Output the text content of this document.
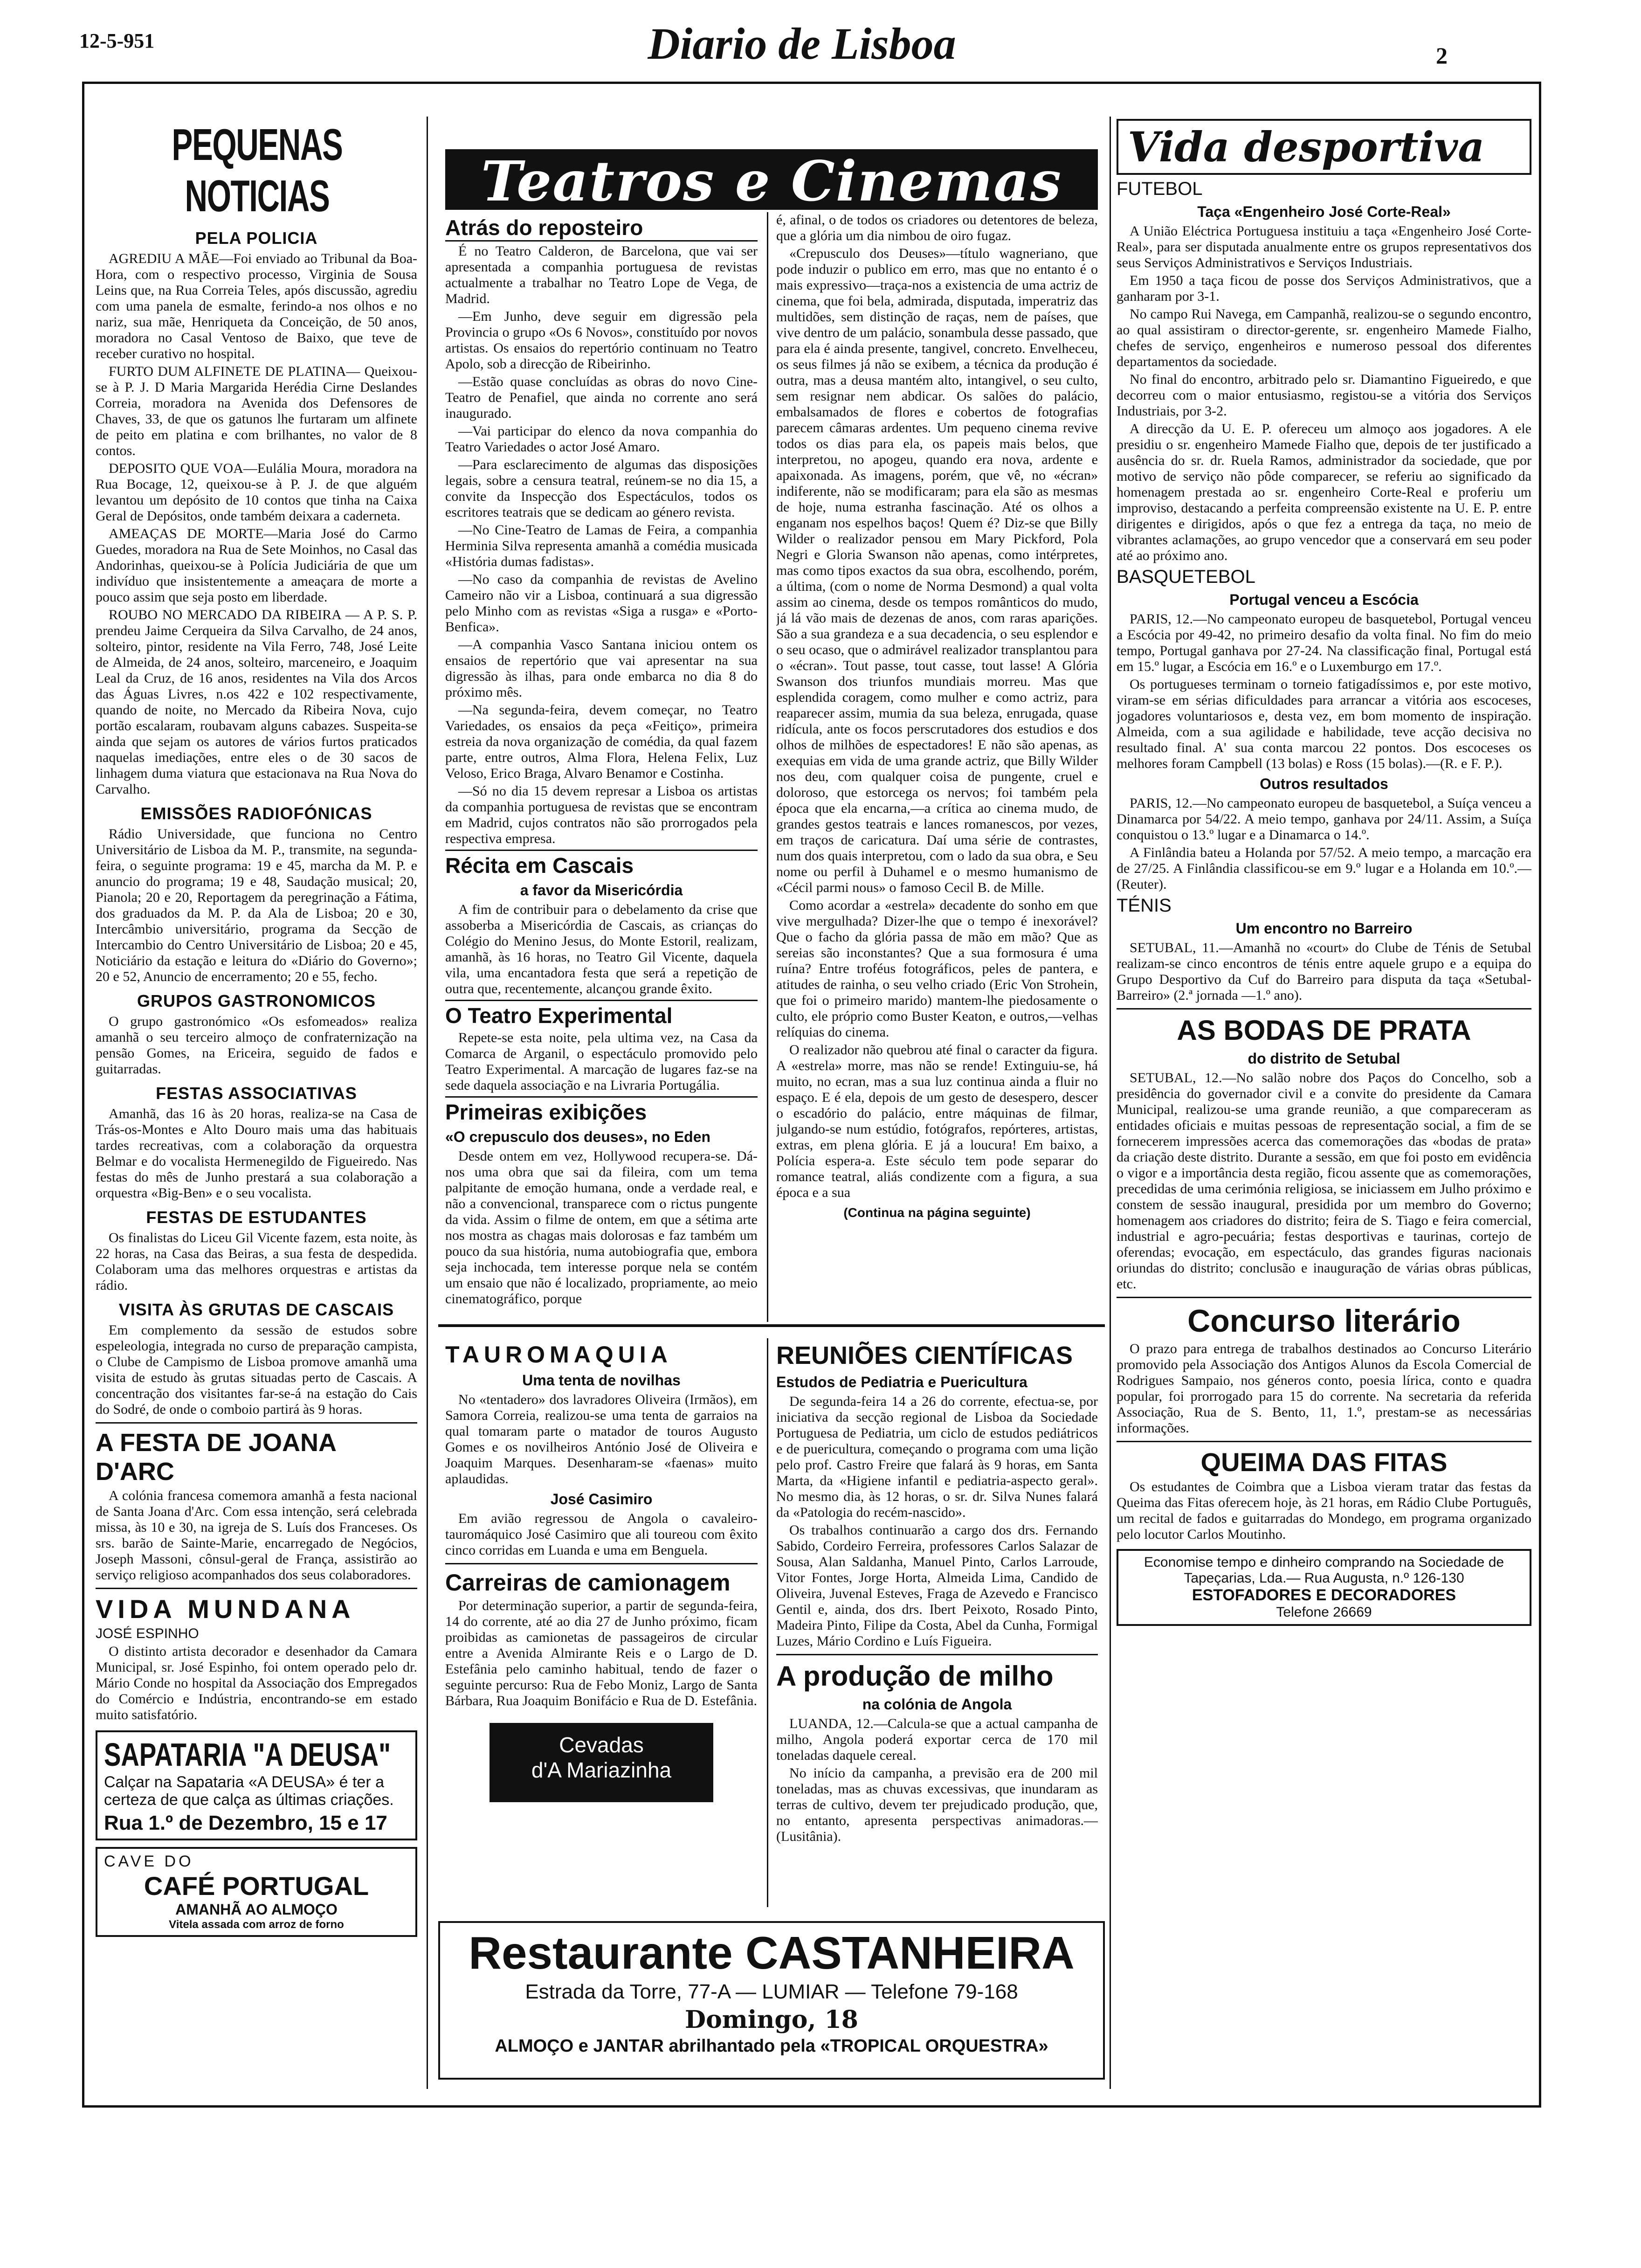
12-5-951	Diario de Lisboa	2
PEQUENAS NOTICIAS
PELA POLICIA

AGREDIU A MÃE—Foi enviado ao Tribunal da Boa-Hora, com o respectivo processo, Virginia de Sousa Leins que, na Rua Correia Teles, após discussão, agrediu com uma panela de esmalte, ferindo-a nos olhos e no nariz, sua mãe, Henriqueta da Conceição, de 50 anos, moradora no Casal Ventoso de Baixo, que teve de receber curativo no hospital.

FURTO DUM ALFINETE DE PLATINA— Queixou-se à P. J. D Maria Margarida Herédia Cirne Deslandes Correia, moradora na Avenida dos Defensores de Chaves, 33, de que os gatunos lhe furtaram um alfinete de peito em platina e com brilhantes, no valor de 8 contos.

DEPOSITO QUE VOA—Eulália Moura, moradora na Rua Bocage, 12, queixou-se à P. J. de que alguém levantou um depósito de 10 contos que tinha na Caixa Geral de Depósitos, onde também deixara a caderneta.

AMEAÇAS DE MORTE—Maria José do Carmo Guedes, moradora na Rua de Sete Moinhos, no Casal das Andorinhas, queixou-se à Polícia Judiciária de que um indivíduo que insistentemente a ameaçara de morte a pouco assim que seja posto em liberdade.

ROUBO NO MERCADO DA RIBEIRA — A P. S. P. prendeu Jaime Cerqueira da Silva Carvalho, de 24 anos, solteiro, pintor, residente na Vila Ferro, 748, José Leite de Almeida, de 24 anos, solteiro, marceneiro, e Joaquim Leal da Cruz, de 16 anos, residentes na Vila dos Arcos das Águas Livres, n.os 422 e 102 respectivamente, quando de noite, no Mercado da Ribeira Nova, cujo portão escalaram, roubavam alguns cabazes. Suspeita-se ainda que sejam os autores de vários furtos praticados naquelas imediações, entre eles o de 30 sacos de linhagem duma viatura que estacionava na Rua Nova do Carvalho.

EMISSÕES RADIOFÓNICAS

Rádio Universidade, que funciona no Centro Universitário de Lisboa da M. P., transmite, na segunda-feira, o seguinte programa: 19 e 45, marcha da M. P. e anuncio do programa; 19 e 48, Saudação musical; 20, Pianola; 20 e 20, Reportagem da peregrinação a Fátima, dos graduados da M. P. da Ala de Lisboa; 20 e 30, Intercâmbio universitário, programa da Secção de Intercambio do Centro Universitário de Lisboa; 20 e 45, Noticiário da estação e leitura do «Diário do Governo»; 20 e 52, Anuncio de encerramento; 20 e 55, fecho.

GRUPOS GASTRONOMICOS

O grupo gastronómico «Os esfomeados» realiza amanhã o seu terceiro almoço de confraternização na pensão Gomes, na Ericeira, seguido de fados e guitarradas.

FESTAS ASSOCIATIVAS

Amanhã, das 16 às 20 horas, realiza-se na Casa de Trás-os-Montes e Alto Douro mais uma das habituais tardes recreativas, com a colaboração da orquestra Belmar e do vocalista Hermenegildo de Figueiredo. Nas festas do mês de Junho prestará a sua colaboração a orquestra «Big-Ben» e o seu vocalista.

FESTAS DE ESTUDANTES

Os finalistas do Liceu Gil Vicente fazem, esta noite, às 22 horas, na Casa das Beiras, a sua festa de despedida. Colaboram uma das melhores orquestras e artistas da rádio.

VISITA ÀS GRUTAS DE CASCAIS

Em complemento da sessão de estudos sobre espeleologia, integrada no curso de preparação campista, o Clube de Campismo de Lisboa promove amanhã uma visita de estudo às grutas situadas perto de Cascais. A concentração dos visitantes far-se-á na estação do Cais do Sodré, de onde o comboio partirá às 9 horas.

A FESTA DE JOANA D'ARC

A colónia francesa comemora amanhã a festa nacional de Santa Joana d'Arc. Com essa intenção, será celebrada missa, às 10 e 30, na igreja de S. Luís dos Franceses. Os srs. barão de Sainte-Marie, encarregado de Negócios, Joseph Massoni, cônsul-geral de França, assistirão ao serviço religioso acompanhados dos seus colaboradores.

VIDA MUNDANA
JOSÉ ESPINHO

O distinto artista decorador e desenhador da Camara Municipal, sr. José Espinho, foi ontem operado pelo dr. Mário Conde no hospital da Associação dos Empregados do Comércio e Indústria, encontrando-se em estado muito satisfatório.

SAPATARIA "A DEUSA"
Calçar na Sapataria «A DEUSA» é ter a certeza de que calça as últimas criações.
Rua 1.º de Dezembro, 15 e 17
CAVE DO
CAFÉ PORTUGAL
AMANHÃ AO ALMOÇO
Vitela assada com arroz de forno
Teatros e Cinemas
Atrás do reposteiro

É no Teatro Calderon, de Barcelona, que vai ser apresentada a companhia portuguesa de revistas actualmente a trabalhar no Teatro Lope de Vega, de Madrid.

—Em Junho, deve seguir em digressão pela Provincia o grupo «Os 6 Novos», constituído por novos artistas. Os ensaios do repertório continuam no Teatro Apolo, sob a direcção de Ribeirinho.

—Estão quase concluídas as obras do novo Cine-Teatro de Penafiel, que ainda no corrente ano será inaugurado.

—Vai participar do elenco da nova companhia do Teatro Variedades o actor José Amaro.

—Para esclarecimento de algumas das disposições legais, sobre a censura teatral, reúnem-se no dia 15, a convite da Inspecção dos Espectáculos, todos os escritores teatrais que se dedicam ao género revista.

—No Cine-Teatro de Lamas de Feira, a companhia Herminia Silva representa amanhã a comédia musicada «História dumas fadistas».

—No caso da companhia de revistas de Avelino Cameiro não vir a Lisboa, continuará a sua digressão pelo Minho com as revistas «Siga a rusga» e «Porto-Benfica».

—A companhia Vasco Santana iniciou ontem os ensaios de repertório que vai apresentar na sua digressão às ilhas, para onde embarca no dia 8 do próximo mês.

—Na segunda-feira, devem começar, no Teatro Variedades, os ensaios da peça «Feitiço», primeira estreia da nova organização de comédia, da qual fazem parte, entre outros, Alma Flora, Helena Felix, Luz Veloso, Erico Braga, Alvaro Benamor e Costinha.

—Só no dia 15 devem represar a Lisboa os artistas da companhia portuguesa de revistas que se encontram em Madrid, cujos contratos não são prorrogados pela respectiva empresa.

Récita em Cascais
a favor da Misericórdia

A fim de contribuir para o debelamento da crise que assoberba a Misericórdia de Cascais, as crianças do Colégio do Menino Jesus, do Monte Estoril, realizam, amanhã, às 16 horas, no Teatro Gil Vicente, daquela vila, uma encantadora festa que será a repetição de outra que, recentemente, alcançou grande êxito.

O Teatro Experimental

Repete-se esta noite, pela ultima vez, na Casa da Comarca de Arganil, o espectáculo promovido pelo Teatro Experimental. A marcação de lugares faz-se na sede daquela associação e na Livraria Portugália.

Primeiras exibições
«O crepusculo dos deuses», no Eden

Desde ontem em vez, Hollywood recupera-se. Dá-nos uma obra que sai da fileira, com um tema palpitante de emoção humana, onde a verdade real, e não a convencional, transparece com o rictus pungente da vida. Assim o filme de ontem, em que a sétima arte nos mostra as chagas mais dolorosas e faz também um pouco da sua história, numa autobiografia que, embora seja inchocada, tem interesse porque nela se contém um ensaio que não é localizado, propriamente, ao meio cinematográfico, porque

é, afinal, o de todos os criadores ou detentores de beleza, que a glória um dia nimbou de oiro fugaz.

«Crepusculo dos Deuses»—título wagneriano, que pode induzir o publico em erro, mas que no entanto é o mais expressivo—traça-nos a existencia de uma actriz de cinema, que foi bela, admirada, disputada, imperatriz das multidões, sem distinção de raças, nem de países, que vive dentro de um palácio, sonambula desse passado, que para ela é ainda presente, tangivel, concreto. Envelheceu, os seus filmes já não se exibem, a técnica da produção é outra, mas a deusa mantém alto, intangivel, o seu culto, sem resignar nem abdicar. Os salões do palácio, embalsamados de flores e cobertos de fotografias parecem câmaras ardentes. Um pequeno cinema revive todos os dias para ela, os papeis mais belos, que interpretou, no apogeu, quando era nova, ardente e apaixonada. As imagens, porém, que vê, no «écran» indiferente, não se modificaram; para ela são as mesmas de hoje, numa estranha fascinação. Até os olhos a enganam nos espelhos baços! Quem é? Diz-se que Billy Wilder o realizador pensou em Mary Pickford, Pola Negri e Gloria Swanson não apenas, como intérpretes, mas como tipos exactos da sua obra, escolhendo, porém, a última, (com o nome de Norma Desmond) a qual volta assim ao cinema, desde os tempos românticos do mudo, já lá vão mais de dezenas de anos, com raras aparições. São a sua grandeza e a sua decadencia, o seu esplendor e o seu ocaso, que o admirável realizador transplantou para o «écran». Tout passe, tout casse, tout lasse! A Glória Swanson dos triunfos mundiais morreu. Mas que esplendida coragem, como mulher e como actriz, para reaparecer assim, mumia da sua beleza, enrugada, quase ridícula, ante os focos perscrutadores dos estudios e dos olhos de milhões de espectadores! E não são apenas, as exequias em vida de uma grande actriz, que Billy Wilder nos deu, com qualquer coisa de pungente, cruel e doloroso, que estorcega os nervos; foi também pela época que ela encarna,—a crítica ao cinema mudo, de grandes gestos teatrais e lances romanescos, por vezes, em traços de caricatura. Daí uma série de contrastes, num dos quais interpretou, com o lado da sua obra, e Seu nome ou perfil à Duhamel e o mesmo humanismo de «Cécil parmi nous» o famoso Cecil B. de Mille.

Como acordar a «estrela» decadente do sonho em que vive mergulhada? Dizer-lhe que o tempo é inexorável? Que o facho da glória passa de mão em mão? Que as sereias são inconstantes? Que a sua formosura é uma ruína? Entre troféus fotográficos, peles de pantera, e atitudes de rainha, o seu velho criado (Eric Von Strohein, que foi o primeiro marido) mantem-lhe piedosamente o culto, ele próprio como Buster Keaton, e outros,—velhas relíquias do cinema.

O realizador não quebrou até final o caracter da figura. A «estrela» morre, mas não se rende! Extinguiu-se, há muito, no ecran, mas a sua luz continua ainda a fluir no espaço. E é ela, depois de um gesto de desespero, descer o escadório do palácio, entre máquinas de filmar, julgando-se num estúdio, fotógrafos, repórteres, artistas, extras, em plena glória. E já a loucura! Em baixo, a Polícia espera-a. Este século tem pode separar do romance teatral, aliás condizente com a figura, a sua época e a sua

(Continua na página seguinte)
TAUROMAQUIA
Uma tenta de novilhas

No «tentadero» dos lavradores Oliveira (Irmãos), em Samora Correia, realizou-se uma tenta de garraios na qual tomaram parte o matador de touros Augusto Gomes e os novilheiros António José de Oliveira e Joaquim Marques. Desenharam-se «faenas» muito aplaudidas.

José Casimiro

Em avião regressou de Angola o cavaleiro-tauromáquico José Casimiro que ali toureou com êxito cinco corridas em Luanda e uma em Benguela.

Carreiras de camionagem

Por determinação superior, a partir de segunda-feira, 14 do corrente, até ao dia 27 de Junho próximo, ficam proibidas as camionetas de passageiros de circular entre a Avenida Almirante Reis e o Largo de D. Estefânia pelo caminho habitual, tendo de fazer o seguinte percurso: Rua de Febo Moniz, Largo de Santa Bárbara, Rua Joaquim Bonifácio e Rua de D. Estefânia.

Cevadas
d'A Mariazinha
REUNIÕES CIENTÍFICAS
Estudos de Pediatria e Puericultura

De segunda-feira 14 a 26 do corrente, efectua-se, por iniciativa da secção regional de Lisboa da Sociedade Portuguesa de Pediatria, um ciclo de estudos pediátricos e de puericultura, começando o programa com uma lição pelo prof. Castro Freire que falará às 9 horas, em Santa Marta, da «Higiene infantil e pediatria-aspecto geral». No mesmo dia, às 12 horas, o sr. dr. Silva Nunes falará da «Patologia do recém-nascido».

Os trabalhos continuarão a cargo dos drs. Fernando Sabido, Cordeiro Ferreira, professores Carlos Salazar de Sousa, Alan Saldanha, Manuel Pinto, Carlos Larroude, Vitor Fontes, Jorge Horta, Almeida Lima, Candido de Oliveira, Juvenal Esteves, Fraga de Azevedo e Francisco Gentil e, ainda, dos drs. Ibert Peixoto, Rosado Pinto, Madeira Pinto, Filipe da Costa, Abel da Cunha, Formigal Luzes, Mário Cordino e Luís Figueira.

A produção de milho
na colónia de Angola

LUANDA, 12.—Calcula-se que a actual campanha de milho, Angola poderá exportar cerca de 170 mil toneladas daquele cereal.

No início da campanha, a previsão era de 200 mil toneladas, mas as chuvas excessivas, que inundaram as terras de cultivo, devem ter prejudicado produção, que, no entanto, apresenta perspectivas animadoras.—(Lusitânia).

Restaurante CASTANHEIRA
Estrada da Torre, 77-A — LUMIAR — Telefone 79-168
Domingo, 18
ALMOÇO e JANTAR abrilhantado pela «TROPICAL ORQUESTRA»
Vida desportiva
FUTEBOL
Taça «Engenheiro José Corte-Real»

A União Eléctrica Portuguesa instituiu a taça «Engenheiro José Corte-Real», para ser disputada anualmente entre os grupos representativos dos seus Serviços Administrativos e Serviços Industriais.

Em 1950 a taça ficou de posse dos Serviços Administrativos, que a ganharam por 3-1.

No campo Rui Navega, em Campanhã, realizou-se o segundo encontro, ao qual assistiram o director-gerente, sr. engenheiro Mamede Fialho, chefes de serviço, engenheiros e numeroso pessoal dos diferentes departamentos da sociedade.

No final do encontro, arbitrado pelo sr. Diamantino Figueiredo, e que decorreu com o maior entusiasmo, registou-se a vitória dos Serviços Industriais, por 3-2.

A direcção da U. E. P. ofereceu um almoço aos jogadores. A ele presidiu o sr. engenheiro Mamede Fialho que, depois de ter justificado a ausência do sr. dr. Ruela Ramos, administrador da sociedade, que por motivo de serviço não pôde comparecer, se referiu ao significado da homenagem prestada ao sr. engenheiro Corte-Real e proferiu um improviso, destacando a perfeita compreensão existente na U. E. P. entre dirigentes e dirigidos, após o que fez a entrega da taça, no meio de vibrantes aclamações, ao grupo vencedor que a conservará em seu poder até ao próximo ano.

BASQUETEBOL
Portugal venceu a Escócia

PARIS, 12.—No campeonato europeu de basquetebol, Portugal venceu a Escócia por 49-42, no primeiro desafio da volta final. No fim do meio tempo, Portugal ganhava por 27-24. Na classificação final, Portugal está em 15.º lugar, a Escócia em 16.º e o Luxemburgo em 17.º.

Os portugueses terminam o torneio fatigadíssimos e, por este motivo, viram-se em sérias dificuldades para arrancar a vitória aos escoceses, jogadores voluntariosos e, desta vez, em bom momento de inspiração. Almeida, com a sua agilidade e habilidade, teve acção decisiva no resultado final. A' sua conta marcou 22 pontos. Dos escoceses os melhores foram Campbell (13 bolas) e Ross (15 bolas).—(R. e F. P.).

Outros resultados

PARIS, 12.—No campeonato europeu de basquetebol, a Suíça venceu a Dinamarca por 54/22. A meio tempo, ganhava por 24/11. Assim, a Suíça conquistou o 13.º lugar e a Dinamarca o 14.º.

A Finlândia bateu a Holanda por 57/52. A meio tempo, a marcação era de 27/25. A Finlândia classificou-se em 9.º lugar e a Holanda em 10.º.—(Reuter).

TÉNIS
Um encontro no Barreiro

SETUBAL, 11.—Amanhã no «court» do Clube de Ténis de Setubal realizam-se cinco encontros de ténis entre aquele grupo e a equipa do Grupo Desportivo da Cuf do Barreiro para disputa da taça «Setubal-Barreiro» (2.ª jornada —1.º ano).

AS BODAS DE PRATA
do distrito de Setubal

SETUBAL, 12.—No salão nobre dos Paços do Concelho, sob a presidência do governador civil e a convite do presidente da Camara Municipal, realizou-se uma grande reunião, a que compareceram as entidades oficiais e muitas pessoas de representação social, a fim de se fornecerem impressões acerca das comemorações das «bodas de prata» da criação deste distrito. Durante a sessão, em que foi posto em evidência o vigor e a importância desta região, ficou assente que as comemorações, precedidas de uma cerimónia religiosa, se iniciassem em Julho próximo e constem de sessão inaugural, presidida por um membro do Governo; homenagem aos criadores do distrito; feira de S. Tiago e feira comercial, industrial e agro-pecuária; festas desportivas e taurinas, cortejo de oferendas; evocação, em espectáculo, das grandes figuras nacionais oriundas do distrito; conclusão e inauguração de várias obras públicas, etc.

Concurso literário

O prazo para entrega de trabalhos destinados ao Concurso Literário promovido pela Associação dos Antigos Alunos da Escola Comercial de Rodrigues Sampaio, nos géneros conto, poesia lírica, conto e quadra popular, foi prorrogado para 15 do corrente. Na secretaria da referida Associação, Rua de S. Bento, 11, 1.º, prestam-se as necessárias informações.

QUEIMA DAS FITAS

Os estudantes de Coimbra que a Lisboa vieram tratar das festas da Queima das Fitas oferecem hoje, às 21 horas, em Rádio Clube Português, um recital de fados e guitarradas do Mondego, em programa organizado pelo locutor Carlos Moutinho.

Economise tempo e dinheiro comprando na Sociedade de Tapeçarias, Lda.— Rua Augusta, n.º 126-130
ESTOFADORES E DECORADORES
Telefone 26669
